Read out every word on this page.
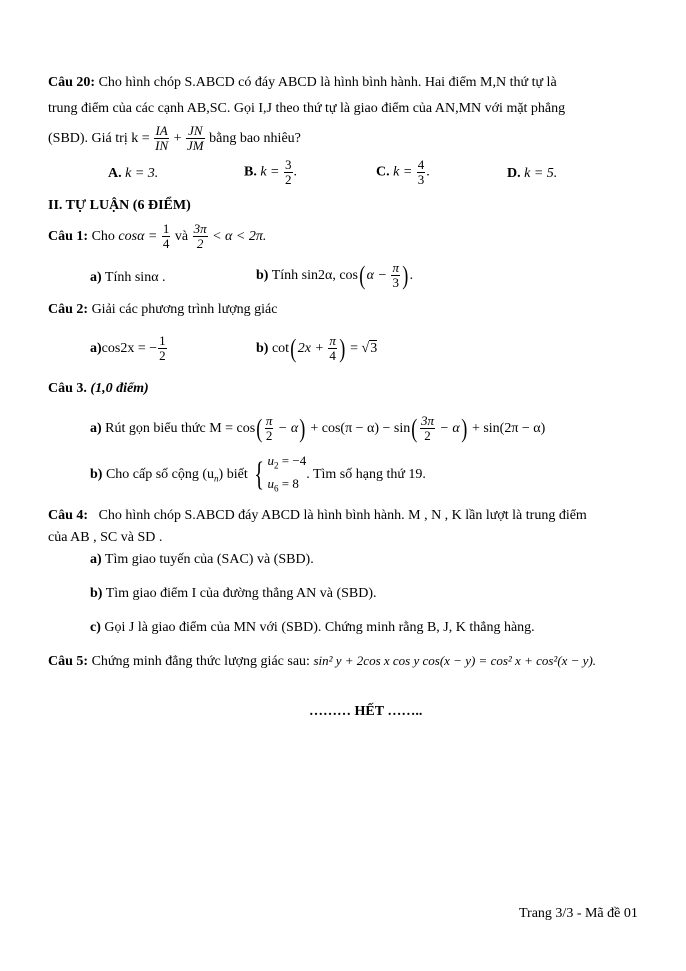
Câu 20: Cho hình chóp S.ABCD có đáy ABCD là hình bình hành. Hai điểm M,N thứ tự là
trung điểm của các cạnh AB,SC. Gọi I,J theo thứ tự là giao điểm của AN,MN với mặt phẳng
(SBD). Giá trị $k = \frac{IA}{IN} + \frac{JN}{JM}$ bằng bao nhiêu?
A. k = 3.	B. $k = \frac{3}{2}$ .	C. $k = \frac{4}{3}$ .	D. k = 5.
II. TỰ LUẬN (6 ĐIỂM)
Câu 1: Cho $\cos\alpha = \frac{1}{4}$ và $\frac{3\pi}{2} < \alpha < 2\pi$.
a) Tính sinα .	b) Tính sin2α, $\cos(\alpha - \frac{\pi}{3}$ ).
Câu 2: Giải các phương trình lượng giác
a)cos2x = − $\frac{1}{2}$	b) $\cot(2x + \frac{\pi}{4}$ ) = √3
Câu 3. (1,0 điểm)
a) Rút gọn biểu thức $M = \cos( \frac{\pi}{2} - \alpha) + \cos(\pi - \alpha) - \sin( \frac{3\pi}{2} - \alpha) + \sin(2\pi - \alpha)$
b) Cho cấp số cộng $(u_n)$ biết { $u_2 = -4$
$u_6 = 8$
. Tìm số hạng thứ 19.
Câu 4: Cho hình chóp S.ABCD đáy ABCD là hình bình hành. M , N , K lần lượt là trung điểm
của AB , SC và SD .
a) Tìm giao tuyến của (SAC) và (SBD).
b) Tìm giao điểm I của đường thẳng AN và (SBD).
c) Gọi J là giao điểm của MN với (SBD). Chứng minh rằng B, J, K thẳng hàng.
Câu 5: Chứng minh đẳng thức lượng giác sau: sin² y + 2cos x cos y cos(x − y) = cos² x + cos²(x − y).
……… HẾT ……..
Trang 3/3 - Mã đề 01
